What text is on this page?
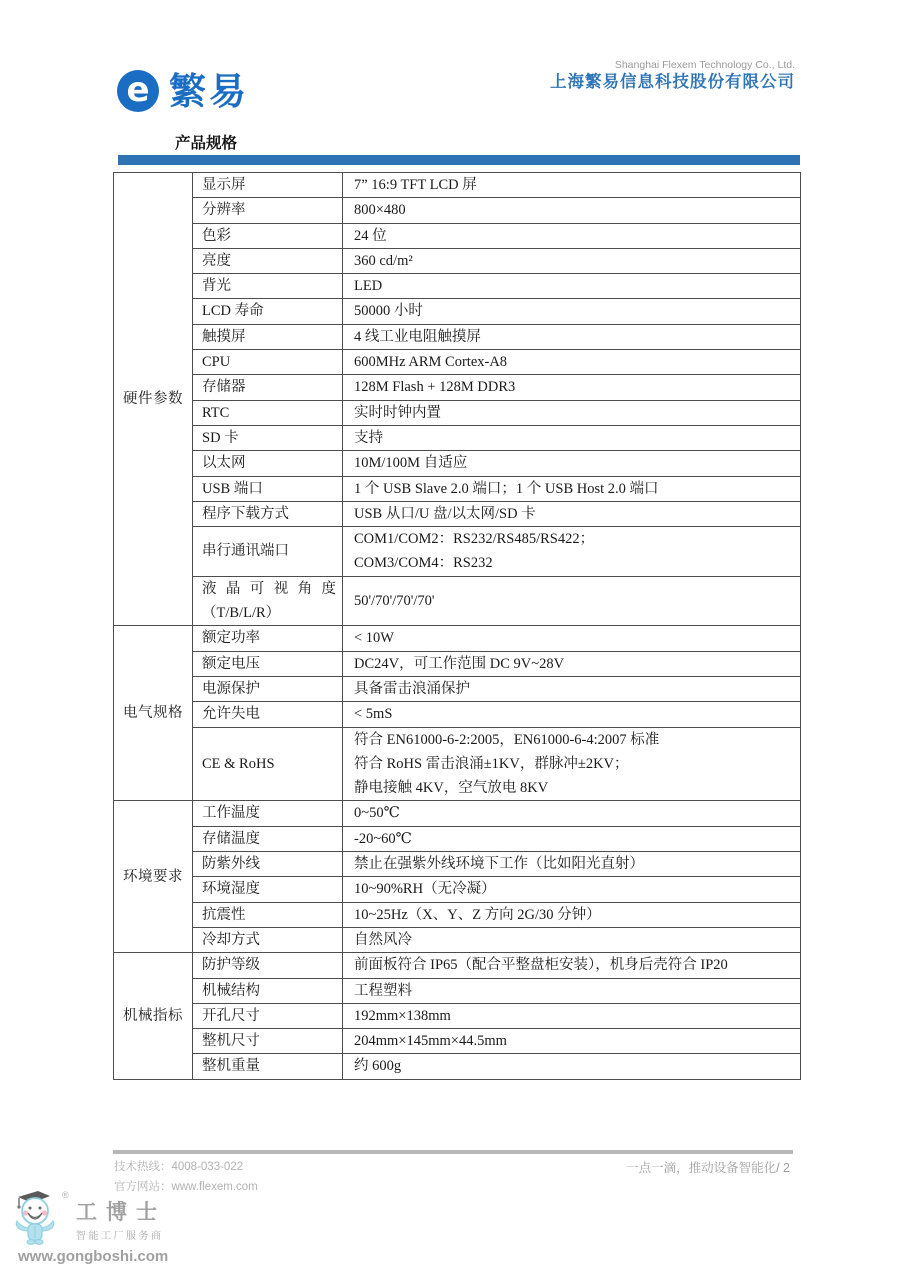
e 繁易
Shanghai Flexem Technology Co., Ltd.
上海繁易信息科技股份有限公司
产品规格
硬件参数	显示屏	7” 16:9 TFT LCD 屏

	分辨率	800×480

	色彩	24 位

	亮度	360 cd/m²

	背光	LED

	LCD 寿命	50000 小时

	触摸屏	4 线工业电阻触摸屏

	CPU	600MHz ARM Cortex-A8

	存储器	128M Flash + 128M DDR3

	RTC	实时时钟内置

	SD 卡	支持

	以太网	10M/100M 自适应

	USB 端口	1 个 USB Slave 2.0 端口；1 个 USB Host 2.0 端口

	程序下载方式	USB 从口/U 盘/以太网/SD 卡

	串行通讯端口	COM1/COM2：RS232/RS485/RS422；
COM3/COM4：RS232

	液晶可视角度
（T/B/L/R）	50'/70'/70'/70'

电气规格	额定功率	< 10W

	额定电压	DC24V，可工作范围 DC 9V~28V

	电源保护	具备雷击浪涌保护

	允许失电	< 5mS

	CE & RoHS	符合 EN61000-6-2:2005，EN61000-6-4:2007 标准
符合 RoHS 雷击浪涌±1KV，群脉冲±2KV；
静电接触 4KV，空气放电 8KV

环境要求	工作温度	0~50℃

	存储温度	-20~60℃

	防紫外线	禁止在强紫外线环境下工作（比如阳光直射）

	环境湿度	10~90%RH（无冷凝）

	抗震性	10~25Hz（X、Y、Z 方向 2G/30 分钟）

	冷却方式	自然风冷

机械指标	防护等级	前面板符合 IP65（配合平整盘柜安装），机身后壳符合 IP20

	机械结构	工程塑料

	开孔尺寸	192mm×138mm

	整机尺寸	204mm×145mm×44.5mm

	整机重量	约 600g
技术热线：4008-033-022
官方网站：www.flexem.com
一点一滴，推动设备智能化/ 2
®
工博士
智能工厂服务商
www.gongboshi.com
